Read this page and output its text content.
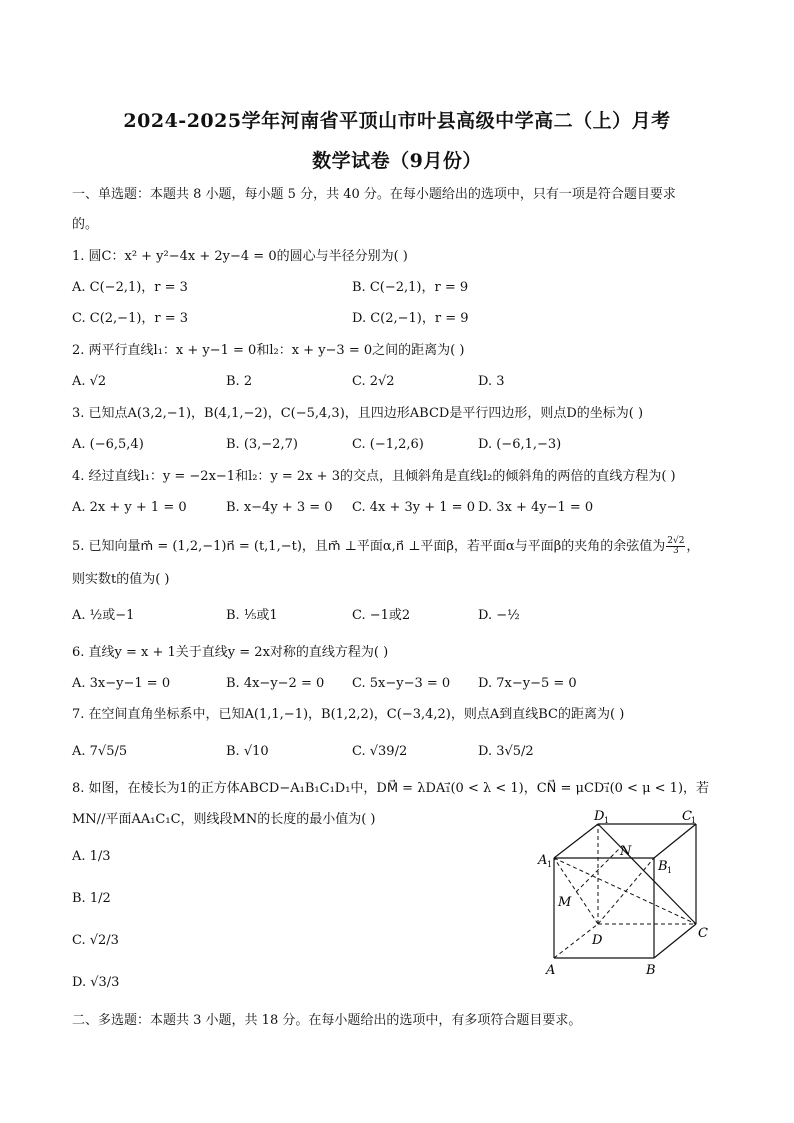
2024-2025学年河南省平顶山市叶县高级中学高二（上）月考
数学试卷（9月份）
一、单选题：本题共 8 小题，每小题 5 分，共 40 分。在每小题给出的选项中，只有一项是符合题目要求
的。
1. 圆C：x² + y²−4x + 2y−4 = 0的圆心与半径分别为( )
A. C(−2,1)，r = 3	B. C(−2,1)，r = 9
C. C(2,−1)，r = 3	D. C(2,−1)，r = 9
2. 两平行直线l₁：x + y−1 = 0和l₂：x + y−3 = 0之间的距离为( )
A. √2	B. 2	C. 2√2	D. 3
3. 已知点A(3,2,−1)，B(4,1,−2)，C(−5,4,3)，且四边形ABCD是平行四边形，则点D的坐标为( )
A. (−6,5,4)	B. (3,−2,7)	C. (−1,2,6)	D. (−6,1,−3)
4. 经过直线l₁：y = −2x−1和l₂：y = 2x + 3的交点，且倾斜角是直线l₂的倾斜角的两倍的直线方程为( )
A. 2x + y + 1 = 0	B. x−4y + 3 = 0 C. 4x + 3y + 1 = 0 D. 3x + 4y−1 = 0
5. 已知向量m⃗ = (1,2,−1)n⃗ = (t,1,−t)，且m⃗ ⊥平面α,n⃗ ⊥平面β，若平面α与平面β的夹角的余弦值为 $\frac{2√2}{3}$ ，
则实数t的值为( )
A. ½或−1	B. ⅕或1	C. −1或2	D. −½
6. 直线y = x + 1关于直线y = 2x对称的直线方程为( )
A. 3x−y−1 = 0	B. 4x−y−2 = 0 C. 5x−y−3 = 0 D. 7x−y−5 = 0
7. 在空间直角坐标系中，已知A(1,1,−1)，B(1,2,2)，C(−3,4,2)，则点A到直线BC的距离为( )
A. 7√5/5	B. √10	C. √39/2	D. 3√5/2
8. 如图，在棱长为1的正方体ABCD−A₁B₁C₁D₁中，DM⃗ = λDA₁⃗(0 < λ < 1)，CN⃗ = μCD₁⃗(0 < μ < 1)，若
MN//平面AA₁C₁C，则线段MN的长度的最小值为( )
A. 1/3
B. 1/2
C. √2/3
D. √3/3
A	B
C
D
A 1	B 1
C 1
D 1
M
N
二、多选题：本题共 3 小题，共 18 分。在每小题给出的选项中，有多项符合题目要求。
